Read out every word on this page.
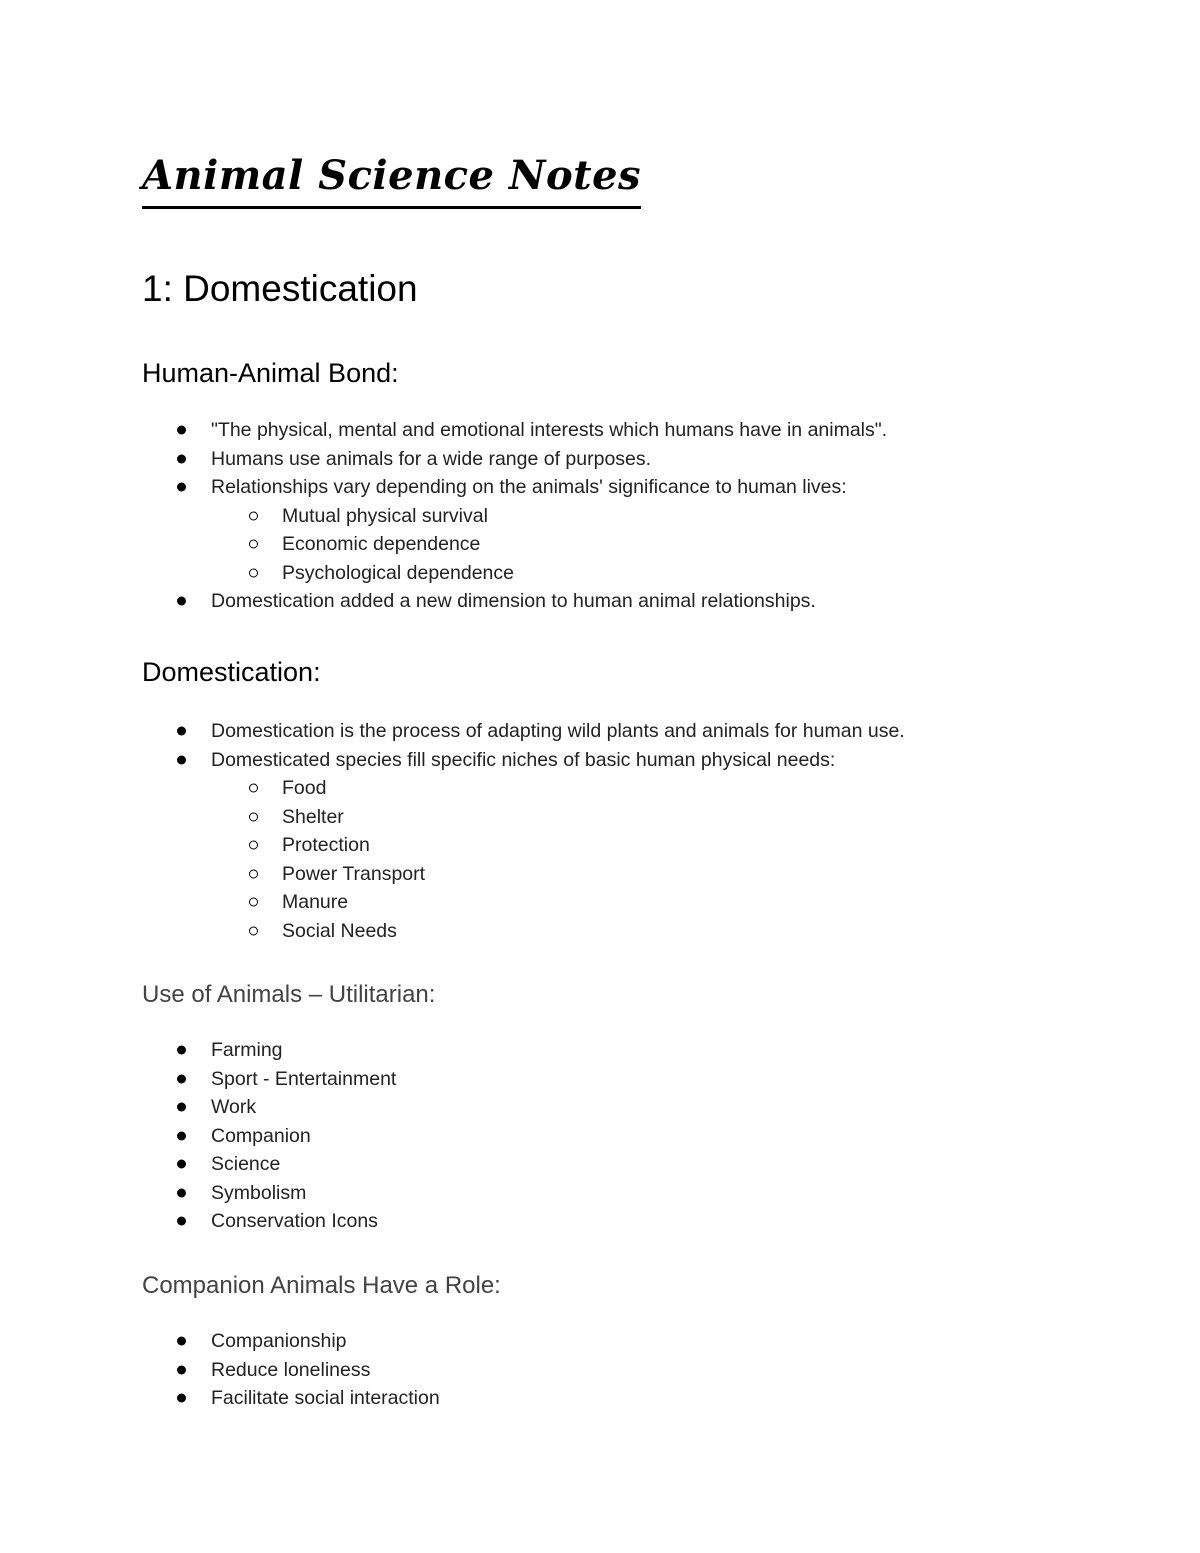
Animal Science Notes
1: Domestication
Human-Animal Bond:
"The physical, mental and emotional interests which humans have in animals".
Humans use animals for a wide range of purposes.
Relationships vary depending on the animals' significance to human lives:
Mutual physical survival
Economic dependence
Psychological dependence
Domestication added a new dimension to human animal relationships.
Domestication:
Domestication is the process of adapting wild plants and animals for human use.
Domesticated species fill specific niches of basic human physical needs:
Food
Shelter
Protection
Power Transport
Manure
Social Needs
Use of Animals – Utilitarian:
Farming
Sport - Entertainment
Work
Companion
Science
Symbolism
Conservation Icons
Companion Animals Have a Role:
Companionship
Reduce loneliness
Facilitate social interaction
